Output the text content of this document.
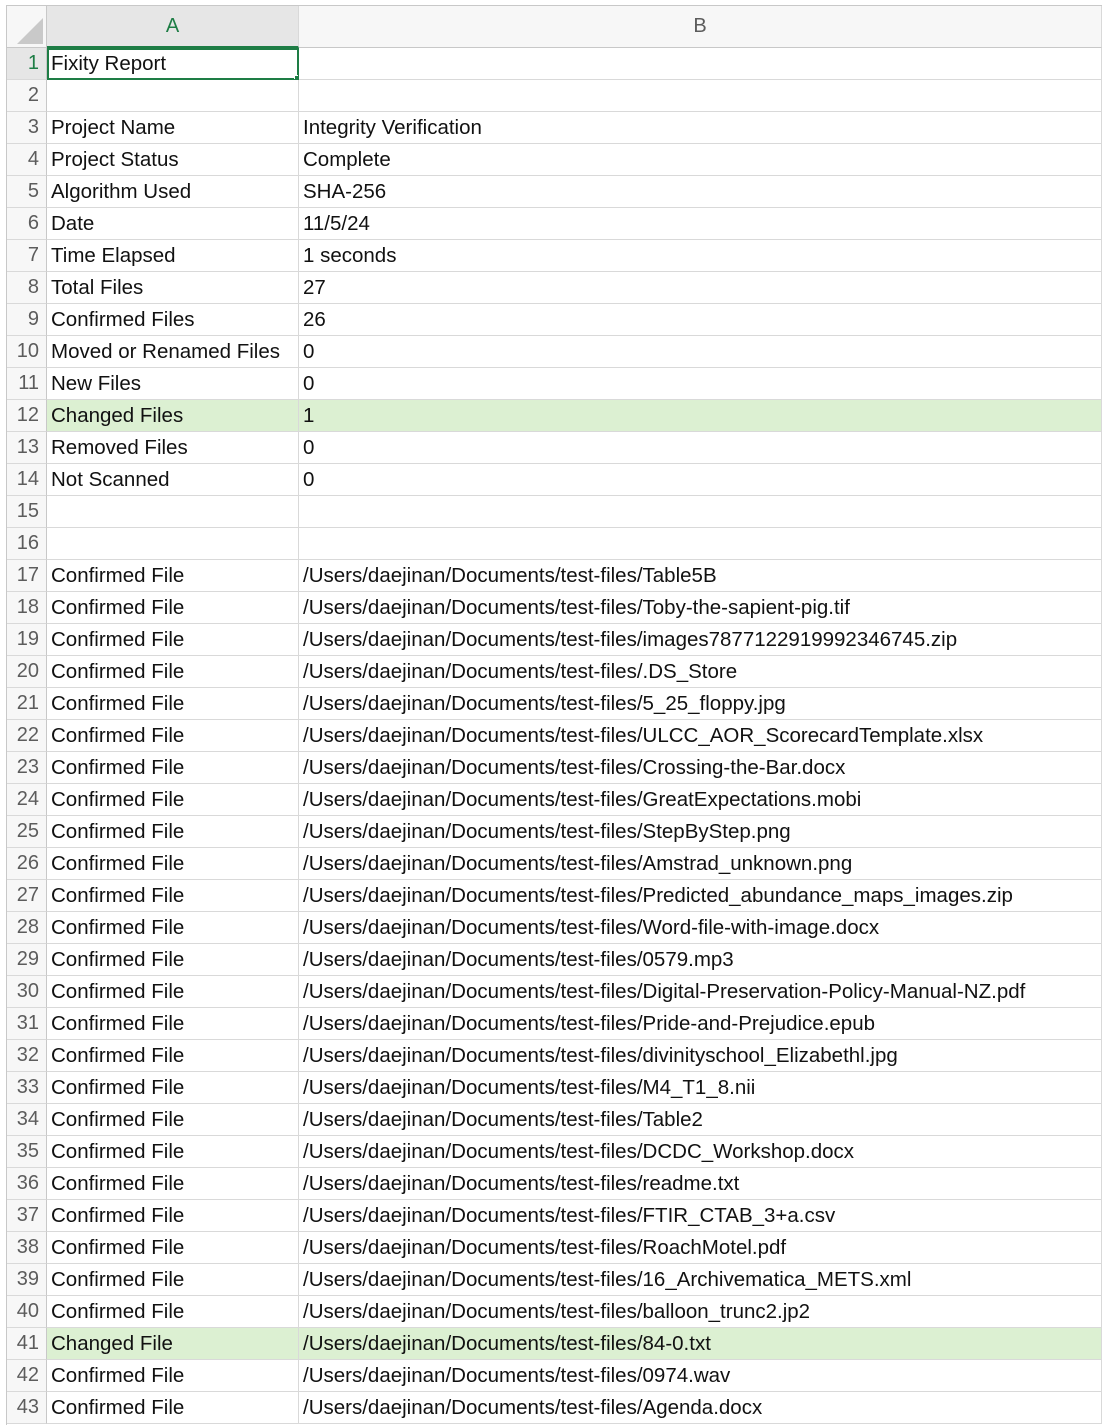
A	B
1 Fixity Report
2
3 Project Name	Integrity Verification
4 Project Status	Complete
5 Algorithm Used	SHA-256
6 Date	11/5/24
7 Time Elapsed	1 seconds
8 Total Files	27
9 Confirmed Files	26
10 Moved or Renamed Files	0
11 New Files	0
12 Changed Files	1
13 Removed Files	0
14 Not Scanned	0
15
16
17 Confirmed File	/Users/daejinan/Documents/test-files/Table5B
18 Confirmed File	/Users/daejinan/Documents/test-files/Toby-the-sapient-pig.tif
19 Confirmed File	/Users/daejinan/Documents/test-files/images787712291999234674​5.zip
20 Confirmed File	/Users/daejinan/Documents/test-files/.DS_Store
21 Confirmed File	/Users/daejinan/Documents/test-files/5_25_floppy.jpg
22 Confirmed File	/Users/daejinan/Documents/test-files/ULCC_AOR_ScorecardTemplate.xlsx
23 Confirmed File	/Users/daejinan/Documents/test-files/Crossing-the-Bar.docx
24 Confirmed File	/Users/daejinan/Documents/test-files/GreatExpectations.mobi
25 Confirmed File	/Users/daejinan/Documents/test-files/StepByStep.png
26 Confirmed File	/Users/daejinan/Documents/test-files/Amstrad_unknown.png
27 Confirmed File	/Users/daejinan/Documents/test-files/Predicted_abundance_maps_images.zip
28 Confirmed File	/Users/daejinan/Documents/test-files/Word-file-with-image.docx
29 Confirmed File	/Users/daejinan/Documents/test-files/0579.mp3
30 Confirmed File	/Users/daejinan/Documents/test-files/Digital-Preservation-Policy-Manual-NZ.pdf
31 Confirmed File	/Users/daejinan/Documents/test-files/Pride-and-Prejudice.epub
32 Confirmed File	/Users/daejinan/Documents/test-files/divinityschool_Elizabethl.jpg
33 Confirmed File	/Users/daejinan/Documents/test-files/M4_T1_8.nii
34 Confirmed File	/Users/daejinan/Documents/test-files/Table2
35 Confirmed File	/Users/daejinan/Documents/test-files/DCDC_Workshop.docx
36 Confirmed File	/Users/daejinan/Documents/test-files/readme.txt
37 Confirmed File	/Users/daejinan/Documents/test-files/FTIR_CTAB_3+a.csv
38 Confirmed File	/Users/daejinan/Documents/test-files/RoachMotel.pdf
39 Confirmed File	/Users/daejinan/Documents/test-files/16_Archivematica_METS.xml
40 Confirmed File	/Users/daejinan/Documents/test-files/balloon_trunc2.jp2
41 Changed File	/Users/daejinan/Documents/test-files/84-0.txt
42 Confirmed File	/Users/daejinan/Documents/test-files/0974.wav
43 Confirmed File	/Users/daejinan/Documents/test-files/Agenda.docx
